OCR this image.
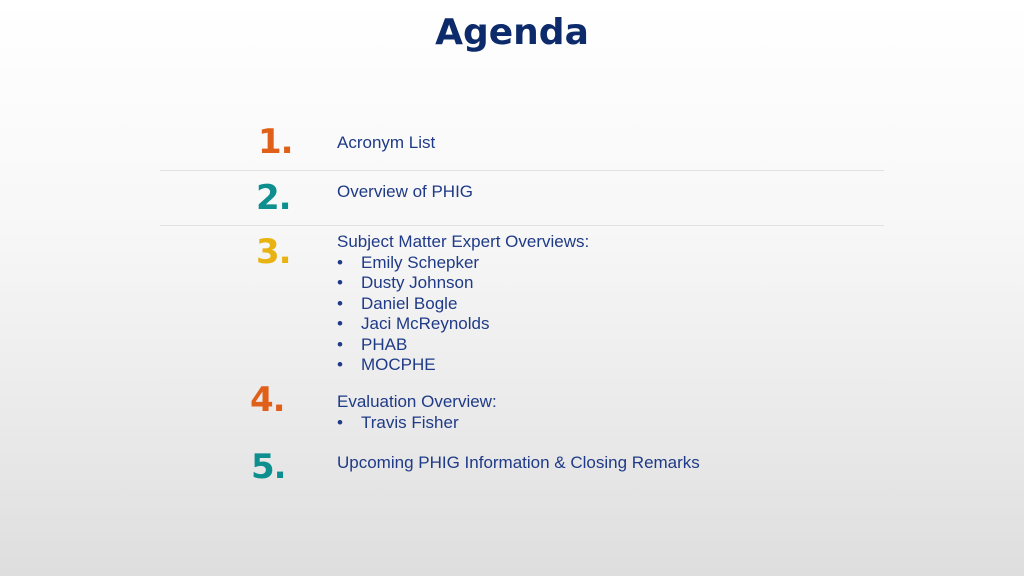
Agenda
1.	Acronym List
2.	Overview of PHIG
3.	Subject Matter Expert Overviews:
• Emily Schepker
• Dusty Johnson
• Daniel Bogle
• Jaci McReynolds
• PHAB
• MOCPHE
4.	Evaluation Overview:
• Travis Fisher
5.	Upcoming PHIG Information & Closing Remarks
